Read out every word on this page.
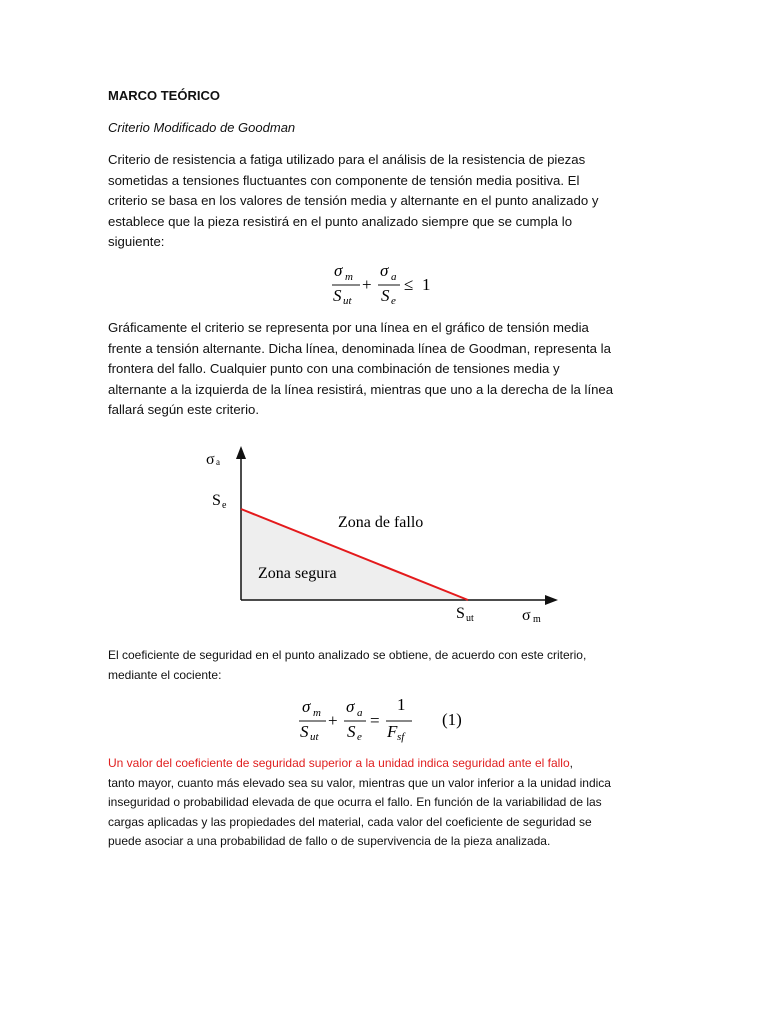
MARCO TEÓRICO
Criterio Modificado de Goodman
Criterio de resistencia a fatiga utilizado para el análisis de la resistencia de piezas
sometidas a tensiones fluctuantes con componente de tensión media positiva. El
criterio se basa en los valores de tensión media y alternante en el punto analizado y
establece que la pieza resistirá en el punto analizado siempre que se cumpla lo
siguiente:
σ m
S ut
+
σ a
S e
≤ 1
Gráficamente el criterio se representa por una línea en el gráfico de tensión media
frente a tensión alternante. Dicha línea, denominada línea de Goodman, representa la
frontera del fallo. Cualquier punto con una combinación de tensiones media y
alternante a la izquierda de la línea resistirá, mientras que uno a la derecha de la línea
fallará según este criterio.
σ a
S e
Zona de fallo
Zona segura
S ut	σ m
El coeficiente de seguridad en el punto analizado se obtiene, de acuerdo con este criterio,
mediante el cociente:
σ m
S ut
+
σ a
S e
=
1
F sf
(1)
Un valor del coeficiente de seguridad superior a la unidad indica seguridad ante el fallo,
tanto mayor, cuanto más elevado sea su valor, mientras que un valor inferior a la unidad indica
inseguridad o probabilidad elevada de que ocurra el fallo. En función de la variabilidad de las
cargas aplicadas y las propiedades del material, cada valor del coeficiente de seguridad se
puede asociar a una probabilidad de fallo o de supervivencia de la pieza analizada.
